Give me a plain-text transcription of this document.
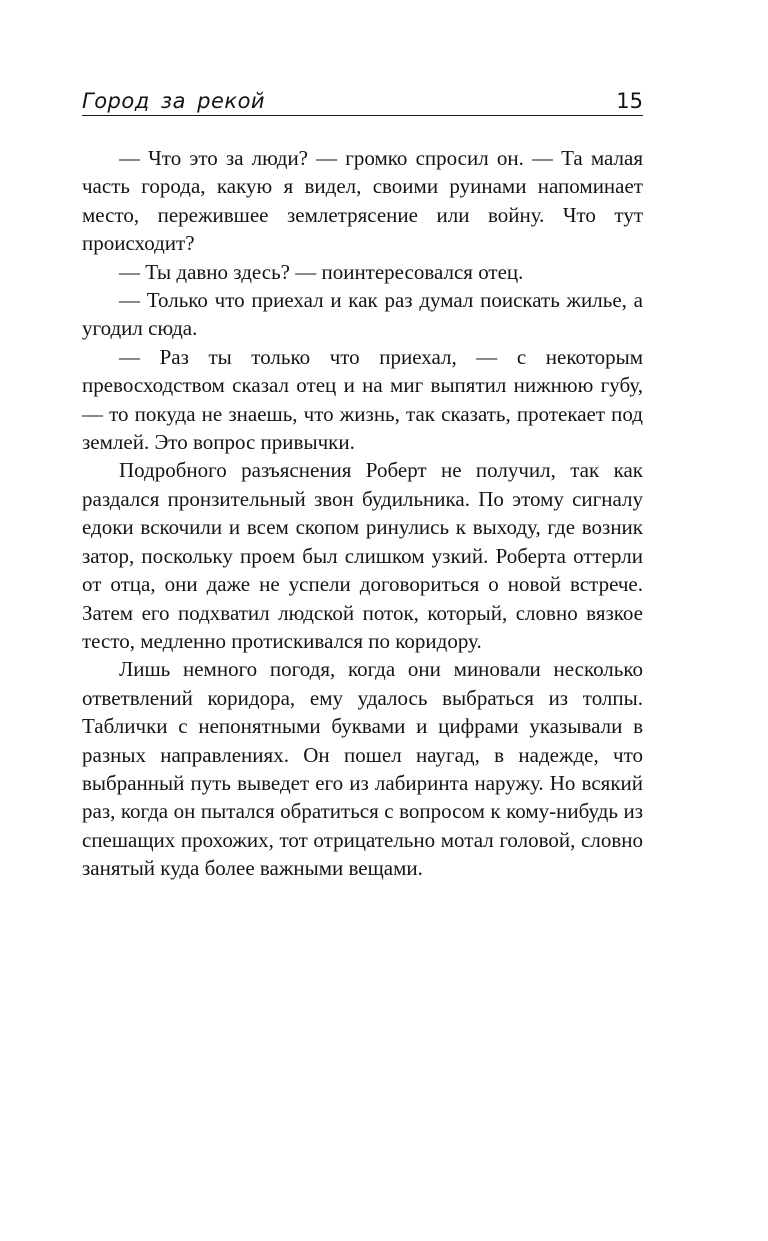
Город за рекой	15

— Что это за люди? — громко спросил он. — Та малая часть города, какую я видел, своими руинами напоминает место, пережившее землетрясение или войну. Что тут происходит?

— Ты давно здесь? — поинтересовался отец.

— Только что приехал и как раз думал поискать жилье, а угодил сюда.

— Раз ты только что приехал, — с некоторым превосходством сказал отец и на миг выпятил нижнюю губу, — то покуда не знаешь, что жизнь, так сказать, протекает под землей. Это вопрос привычки.

Подробного разъяснения Роберт не получил, так как раздался пронзительный звон будильника. По этому сигналу едоки вскочили и всем скопом ринулись к выходу, где возник затор, поскольку проем был слишком узкий. Роберта оттерли от отца, они даже не успели договориться о новой встрече. Затем его подхватил людской поток, который, словно вязкое тесто, медленно протискивался по коридору.

Лишь немного погодя, когда они миновали несколько ответвлений коридора, ему удалось выбраться из толпы. Таблички с непонятными буквами и цифрами указывали в разных направлениях. Он пошел наугад, в надежде, что выбранный путь выведет его из лабиринта наружу. Но всякий раз, когда он пытался обратиться с вопросом к кому-нибудь из спешащих прохожих, тот отрицательно мотал головой, словно занятый куда более важными вещами.
